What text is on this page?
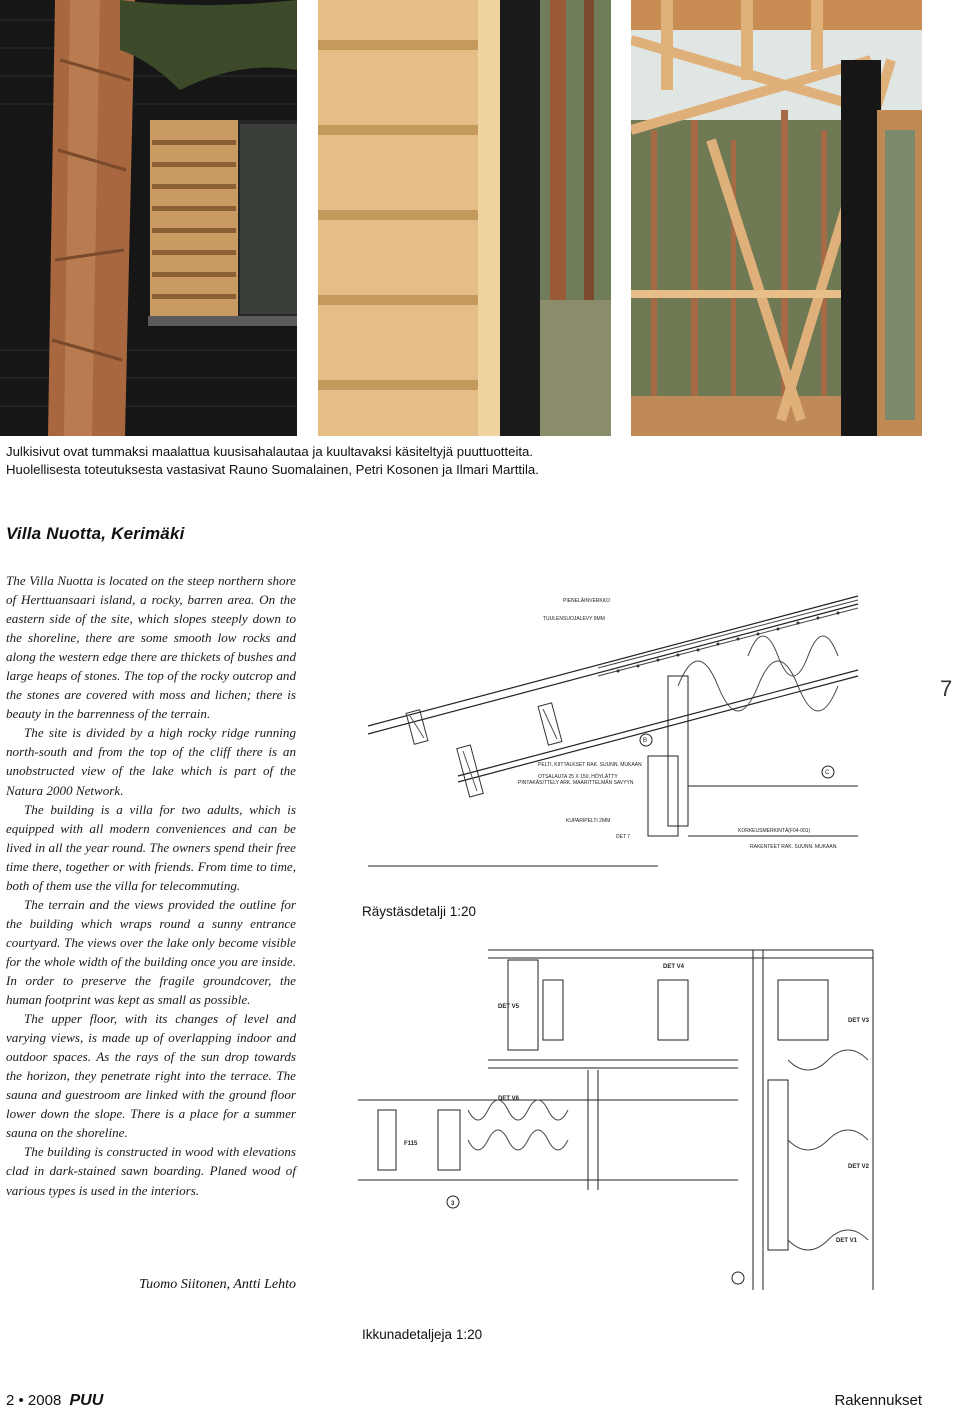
Julkisivut ovat tummaksi maalattua kuusisahalautaa ja kuultavaksi käsiteltyjä puuttuotteita.
Huolellisesta toteutuksesta vastasivat Rauno Suomalainen, Petri Kosonen ja Ilmari Marttila.
Villa Nuotta, Kerimäki

The Villa Nuotta is located on the steep northern shore of Herttuansaari island, a rocky, barren area. On the eastern side of the site, which slopes steeply down to the shoreline, there are some smooth low rocks and along the western edge there are thickets of bushes and large heaps of stones. The top of the rocky outcrop and the stones are covered with moss and lichen; there is beauty in the barrenness of the terrain.

The site is divided by a high rocky ridge running north-south and from the top of the cliff there is an unobstructed view of the lake which is part of the Natura 2000 Network.

The building is a villa for two adults, which is equipped with all modern conveniences and can be lived in all the year round. The owners spend their free time there, together or with friends. From time to time, both of them use the villa for telecommuting.

The terrain and the views provided the outline for the building which wraps round a sunny entrance courtyard. The views over the lake only become visible for the whole width of the building once you are inside. In order to preserve the fragile groundcover, the human footprint was kept as small as possible.

The upper floor, with its changes of level and varying views, is made up of overlapping indoor and outdoor spaces. As the rays of the sun drop towards the horizon, they penetrate right into the terrace. The sauna and guestroom are linked with the ground floor lower down the slope. There is a place for a summer sauna on the shoreline.

The building is constructed in wood with elevations clad in dark-stained sawn boarding. Planed wood of various types is used in the interiors.

Tuomo Siitonen, Antti Lehto
7
PIENELÄINVERKKO
TUULENSUOJALEVY 9MM
PELTI, KIITTALKSET RAK. SUUNN. MUKAAN
OTSALAUTA 25 X 150, HÖYLÄTTY
PINTAKÄSITTELY ARK. MAARITTELMÄN SAVYYN
KUPARIPELTI 2MM
DET 7
KORKEUSMERKINTÄ(F04-001)
RAKENTEET RAK. SUUNN. MUKAAN.
B
C
Räystäsdetalji 1:20
DET V4
DET V5
DET V3
DET V6
DET V2
DET V1
F115
3
Ikkunadetaljeja 1:20
2 • 2008 PUU	Rakennukset
